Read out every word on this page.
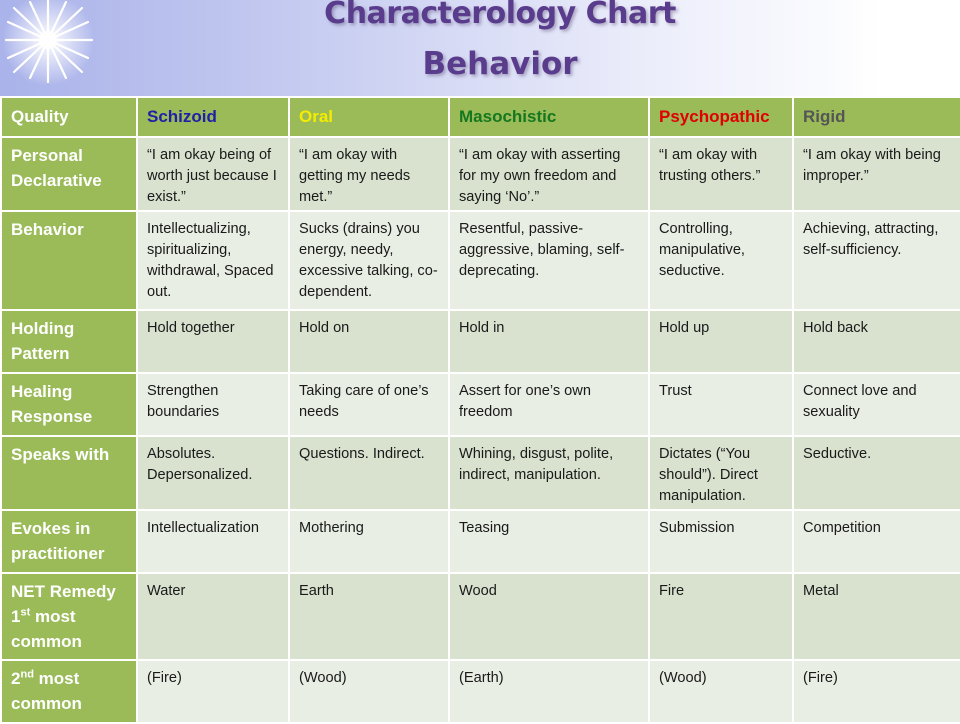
Characterology Chart
Behavior
Quality	Schizoid	Oral	Masochistic	Psychopathic	Rigid
Personal Declarative	“I am okay being of worth just because I exist.”	“I am okay with getting my needs met.”	“I am okay with asserting for my own freedom and saying ‘No’.”	“I am okay with trusting others.”	“I am okay with being improper.”
Behavior	Intellectualizing, spiritualizing, withdrawal, Spaced out.	Sucks (drains) you energy, needy, excessive talking, co-dependent.	Resentful, passive-aggressive, blaming, self-deprecating.	Controlling, manipulative, seductive.	Achieving, attracting, self-sufficiency.
Holding Pattern	Hold together	Hold on	Hold in	Hold up	Hold back
Healing Response	Strengthen boundaries	Taking care of one’s needs	Assert for one’s own freedom	Trust	Connect love and sexuality
Speaks with	Absolutes. Depersonalized.	Questions. Indirect.	Whining, disgust, polite, indirect, manipulation.	Dictates (“You should”). Direct manipulation.	Seductive.
Evokes in practitioner	Intellectualization	Mothering	Teasing	Submission	Competition
NET Remedy 1st most common	Water	Earth	Wood	Fire	Metal
2nd most common	(Fire)	(Wood)	(Earth)	(Wood)	(Fire)
